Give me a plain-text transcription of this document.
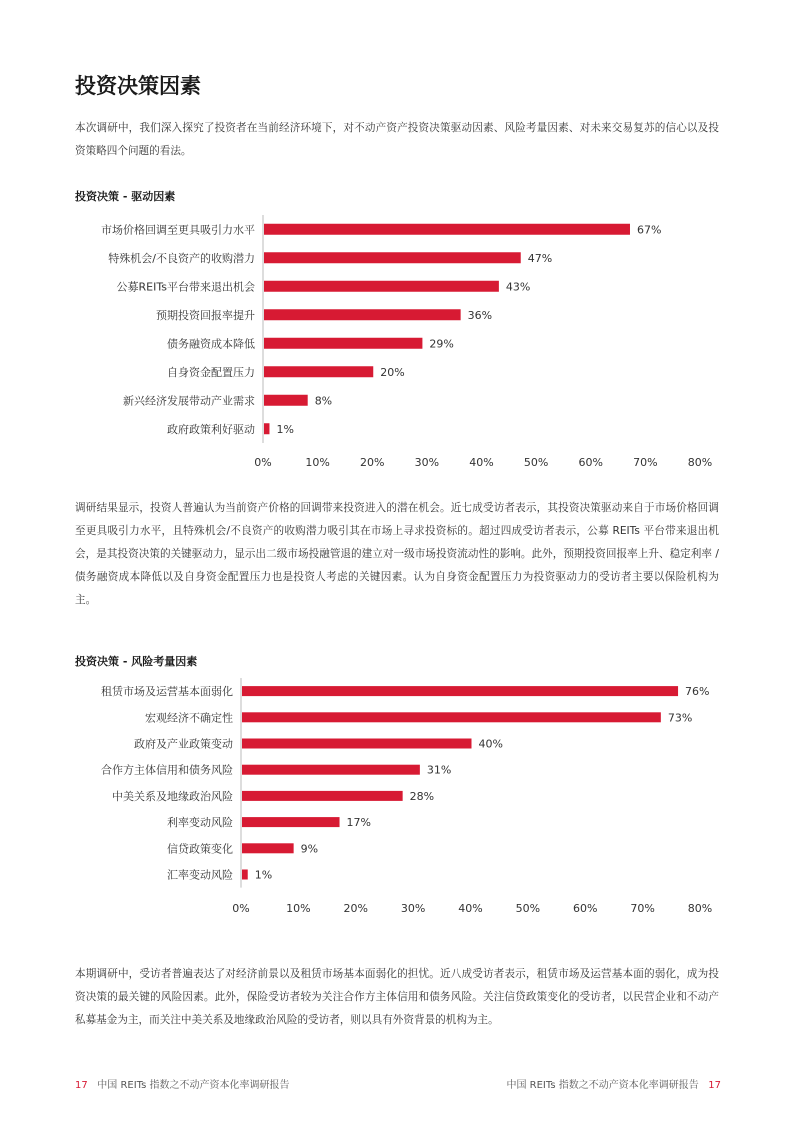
投资决策因素

本次调研中，我们深入探究了投资者在当前经济环境下，对不动产资产投资决策驱动因素、风险考量因素、对未来交易复苏的信心以及投资策略四个问题的看法。

投资决策 - 驱动因素
市场价格回调至更具吸引力水平	67%
特殊机会/不良资产的收购潜力	47%
公募REITs平台带来退出机会	43%
预期投资回报率提升	36%
债务融资成本降低	29%
自身资金配置压力	20%
新兴经济发展带动产业需求	8%
政府政策利好驱动 1%
0%	10%	20%	30%	40%	50%	60%	70%	80%

调研结果显示，投资人普遍认为当前资产价格的回调带来投资进入的潜在机会。近七成受访者表示，其投资决策驱动来自于市场价格回调至更具吸引力水平，且特殊机会/不良资产的收购潜力吸引其在市场上寻求投资标的。超过四成受访者表示，公募 REITs 平台带来退出机会，是其投资决策的关键驱动力，显示出二级市场投融管退的建立对一级市场投资流动性的影响。此外，预期投资回报率上升、稳定利率 / 债务融资成本降低以及自身资金配置压力也是投资人考虑的关键因素。认为自身资金配置压力为投资驱动力的受访者主要以保险机构为主。

投资决策 - 风险考量因素
租赁市场及运营基本面弱化	76%
宏观经济不确定性	73%
政府及产业政策变动	40%
合作方主体信用和债务风险	31%
中美关系及地缘政治风险	28%
利率变动风险	17%
信贷政策变化	9%
汇率变动风险 1%
0%	10%	20%	30%	40%	50%	60%	70%	80%

本期调研中，受访者普遍表达了对经济前景以及租赁市场基本面弱化的担忧。近八成受访者表示，租赁市场及运营基本面的弱化，成为投资决策的最关键的风险因素。此外，保险受访者较为关注合作方主体信用和债务风险。关注信贷政策变化的受访者，以民营企业和不动产私募基金为主，而关注中美关系及地缘政治风险的受访者，则以具有外资背景的机构为主。

17 中国 REITs 指数之不动产资本化率调研报告	中国 REITs 指数之不动产资本化率调研报告 17
